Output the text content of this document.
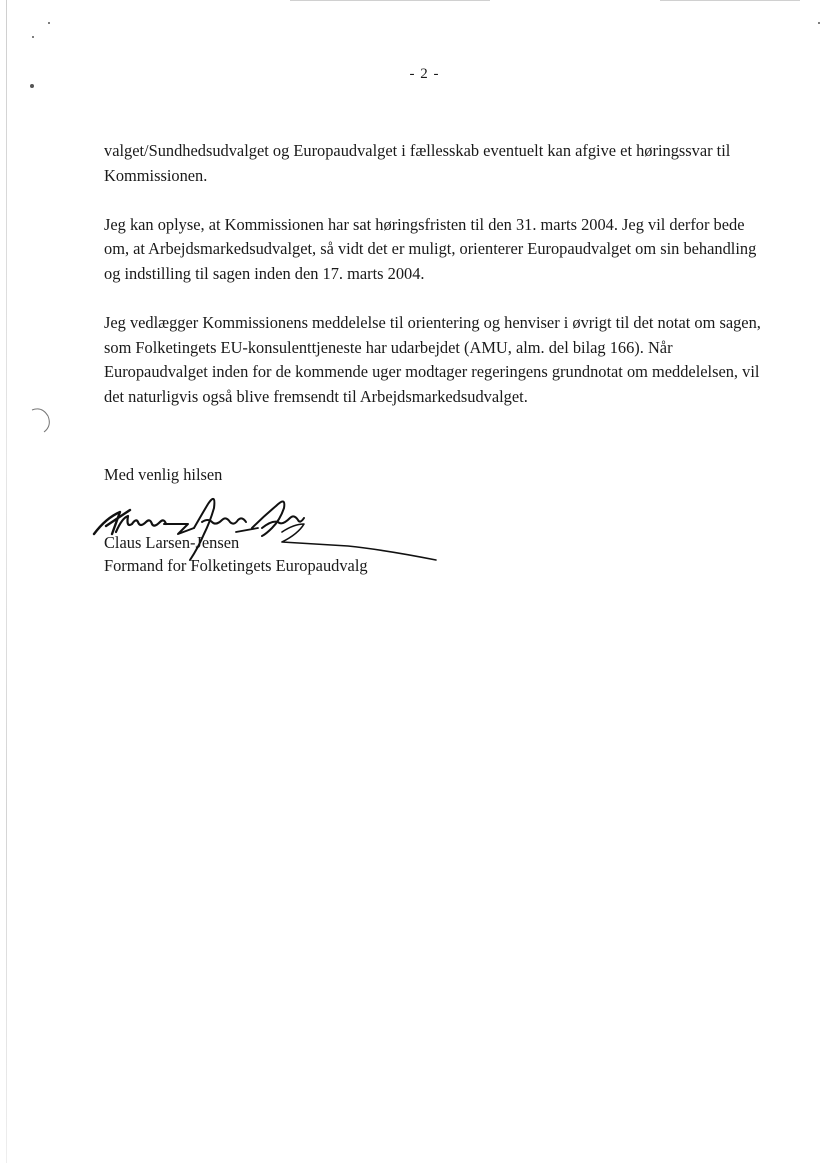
- 2 -

valget/Sundhedsudvalget og Europaudvalget i fællesskab eventuelt kan afgive et høringssvar til Kommissionen.

Jeg kan oplyse, at Kommissionen har sat høringsfristen til den 31. marts 2004. Jeg vil derfor bede om, at Arbejdsmarkedsudvalget, så vidt det er muligt, orienterer Europaudvalget om sin behandling og indstilling til sagen inden den 17. marts 2004.

Jeg vedlægger Kommissionens meddelelse til orientering og henviser i øvrigt til det notat om sagen, som Folketingets EU-konsulenttjeneste har udarbejdet (AMU, alm. del bilag 166). Når Europaudvalget inden for de kommende uger modtager regeringens grundnotat om meddelelsen, vil det naturligvis også blive fremsendt til Arbejdsmarkedsudvalget.

Med venlig hilsen
Claus Larsen-Jensen
Formand for Folketingets Europaudvalg
